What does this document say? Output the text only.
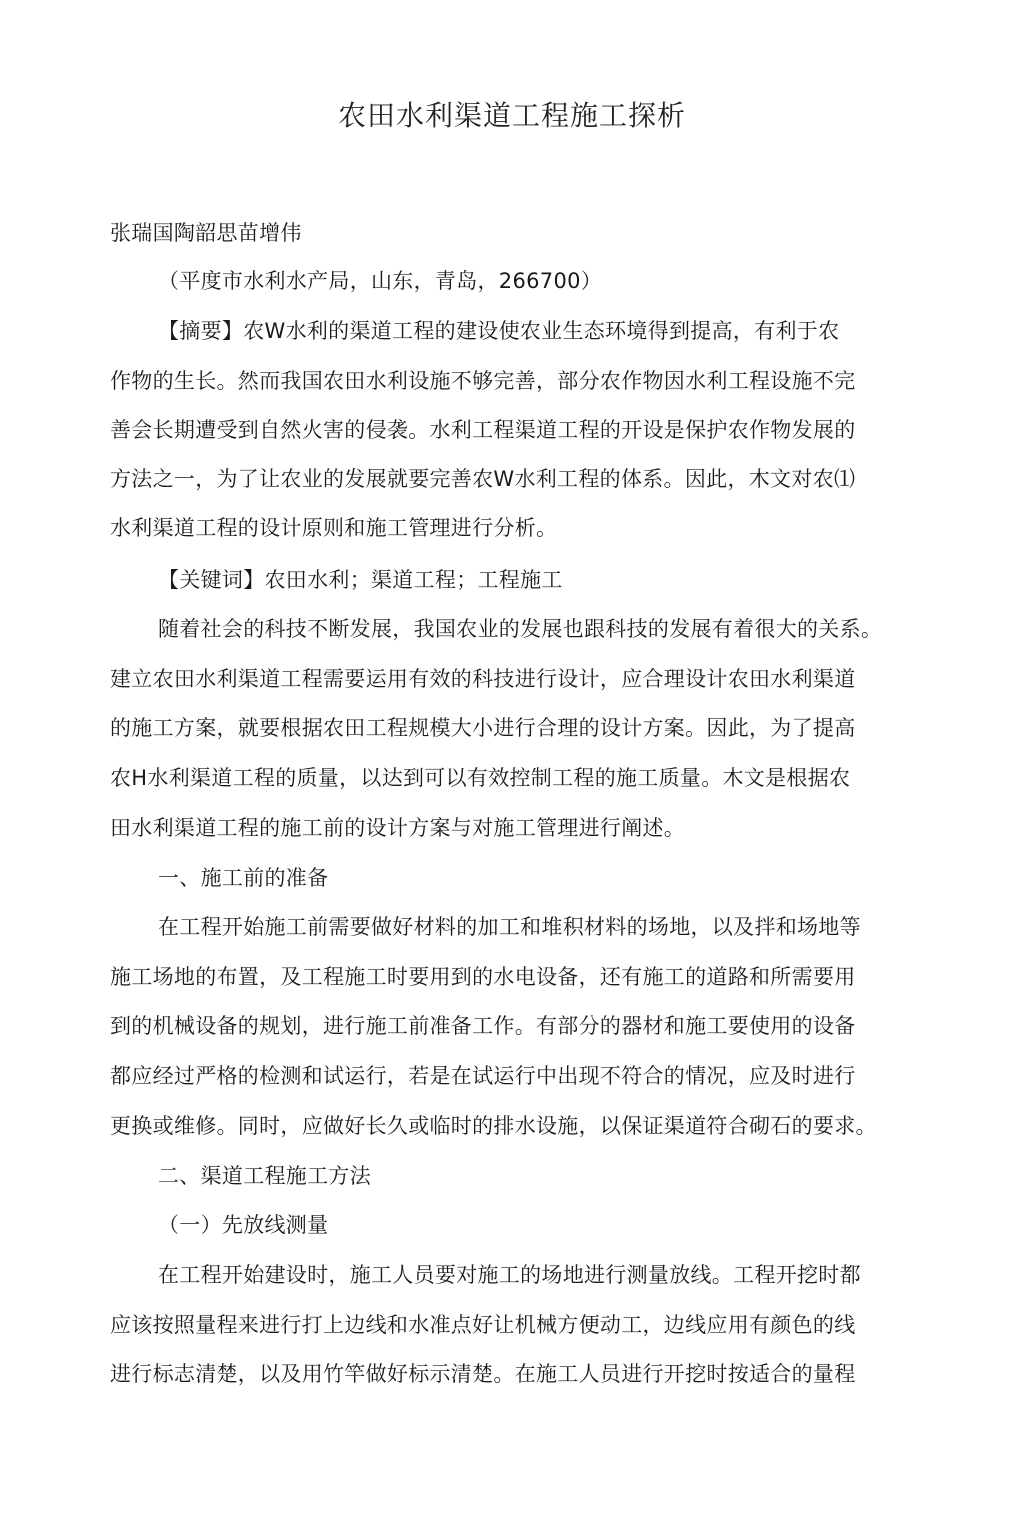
农田水利渠道工程施工探析
张瑞国陶韶思苗增伟
（平度市水利水产局，山东，青岛，266700）
【摘要】农W水利的渠道工程的建设使农业生态环境得到提高，有利于农
作物的生长。然而我国农田水利设施不够完善，部分农作物因水利工程设施不完
善会长期遭受到自然火害的侵袭。水利工程渠道工程的开设是保护农作物发展的
方法之一，为了让农业的发展就要完善农W水利工程的体系。因此，木文对农⑴
水利渠道工程的设计原则和施工管理进行分析。
【关键词】农田水利；渠道工程；工程施工
随着社会的科技不断发展，我国农业的发展也跟科技的发展有着很大的关系。
建立农田水利渠道工程需要运用有效的科技进行设计，应合理设计农田水利渠道
的施工方案，就要根据农田工程规模大小进行合理的设计方案。因此，为了提高
农H水利渠道工程的质量，以达到可以有效控制工程的施工质量。木文是根据农
田水利渠道工程的施工前的设计方案与对施工管理进行阐述。
一、施工前的准备
在工程开始施工前需要做好材料的加工和堆积材料的场地，以及拌和场地等
施工场地的布置，及工程施工时要用到的水电设备，还有施工的道路和所需要用
到的机械设备的规划，进行施工前准备工作。有部分的器材和施工要使用的设备
都应经过严格的检测和试运行，若是在试运行中出现不符合的情况，应及时进行
更换或维修。同时，应做好长久或临时的排水设施，以保证渠道符合砌石的要求。
二、渠道工程施工方法
（一）先放线测量
在工程开始建设时，施工人员要对施工的场地进行测量放线。工程开挖时都
应该按照量程来进行打上边线和水准点好让机械方便动工，边线应用有颜色的线
进行标志清楚，以及用竹竿做好标示清楚。在施工人员进行开挖时按适合的量程
